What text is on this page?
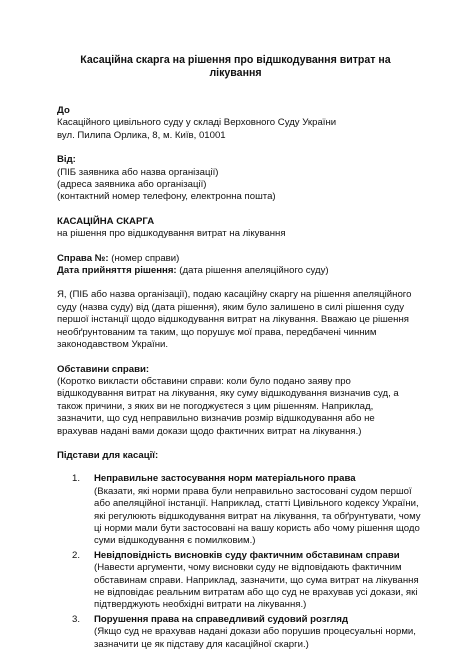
Касаційна скарга на рішення про відшкодування витрат на лікування
До
Касаційного цивільного суду у складі Верховного Суду України
вул. Пилипа Орлика, 8, м. Київ, 01001
Від:
(ПІБ заявника або назва організації)
(адреса заявника або організації)
(контактний номер телефону, електронна пошта)
КАСАЦІЙНА СКАРГА
на рішення про відшкодування витрат на лікування
Справа №: (номер справи)
Дата прийняття рішення: (дата рішення апеляційного суду)

Я, (ПІБ або назва організації), подаю касаційну скаргу на рішення апеляційного суду (назва суду) від (дата рішення), яким було залишено в силі рішення суду першої інстанції щодо відшкодування витрат на лікування. Вважаю це рішення необґрунтованим та таким, що порушує мої права, передбачені чинним законодавством України.

Обставини справи:

(Коротко викласти обставини справи: коли було подано заяву про відшкодування витрат на лікування, яку суму відшкодування визначив суд, а також причини, з яких ви не погоджуєтеся з цим рішенням. Наприклад, зазначити, що суд неправильно визначив розмір відшкодування або не врахував надані вами докази щодо фактичних витрат на лікування.)

Підстави для касації:
1. Неправильне застосування норм матеріального права
(Вказати, які норми права були неправильно застосовані судом першої або апеляційної інстанції. Наприклад, статті Цивільного кодексу України, які регулюють відшкодування витрат на лікування, та обґрунтувати, чому ці норми мали бути застосовані на вашу користь або чому рішення щодо суми відшкодування є помилковим.)
2. Невідповідність висновків суду фактичним обставинам справи
(Навести аргументи, чому висновки суду не відповідають фактичним обставинам справи. Наприклад, зазначити, що сума витрат на лікування не відповідає реальним витратам або що суд не врахував усі докази, які підтверджують необхідні витрати на лікування.)
3. Порушення права на справедливий судовий розгляд
(Якщо суд не врахував надані докази або порушив процесуальні норми, зазначити це як підставу для касаційної скарги.)
